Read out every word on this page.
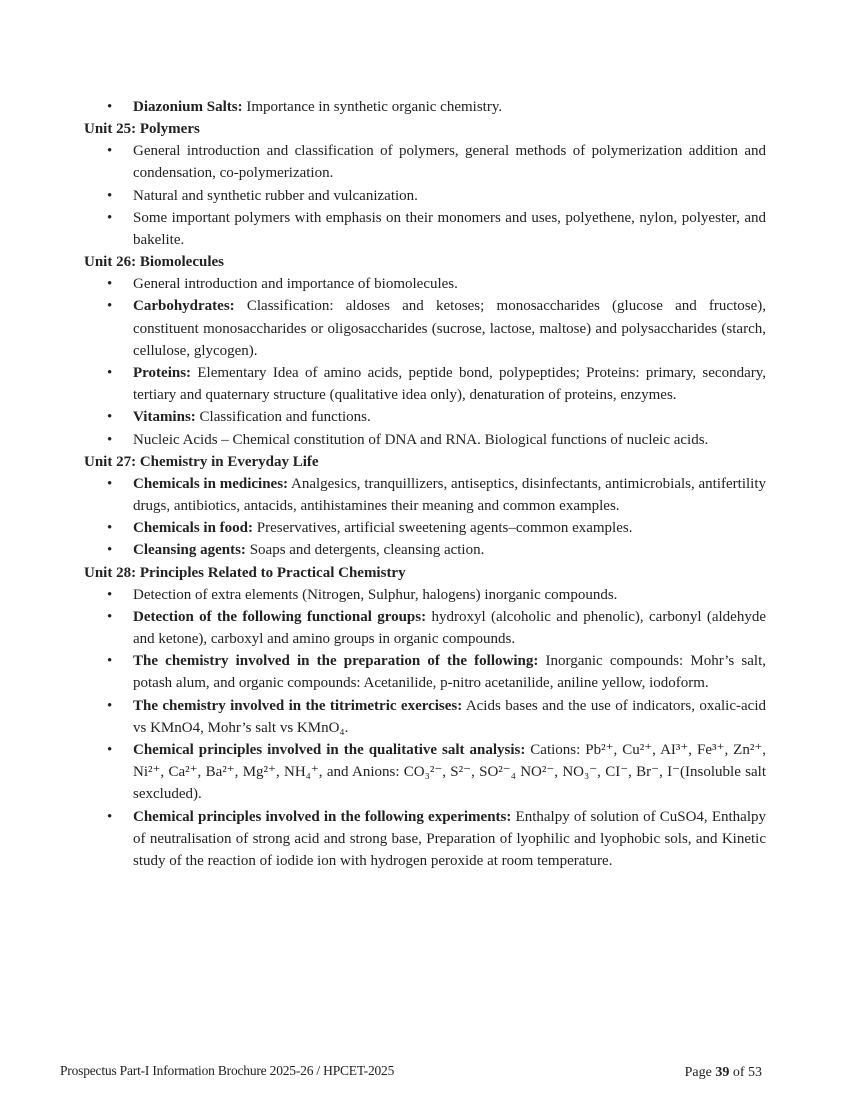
• Diazonium Salts: Importance in synthetic organic chemistry.
Unit 25: Polymers
• General introduction and classification of polymers, general methods of polymerization addition and condensation, co-polymerization.
• Natural and synthetic rubber and vulcanization.
• Some important polymers with emphasis on their monomers and uses, polyethene, nylon, polyester, and bakelite.
Unit 26: Biomolecules
• General introduction and importance of biomolecules.
• Carbohydrates: Classification: aldoses and ketoses; monosaccharides (glucose and fructose), constituent monosaccharides or oligosaccharides (sucrose, lactose, maltose) and polysaccharides (starch, cellulose, glycogen).
• Proteins: Elementary Idea of amino acids, peptide bond, polypeptides; Proteins: primary, secondary, tertiary and quaternary structure (qualitative idea only), denaturation of proteins, enzymes.
• Vitamins: Classification and functions.
• Nucleic Acids – Chemical constitution of DNA and RNA. Biological functions of nucleic acids.
Unit 27: Chemistry in Everyday Life
• Chemicals in medicines: Analgesics, tranquillizers, antiseptics, disinfectants, antimicrobials, antifertility drugs, antibiotics, antacids, antihistamines their meaning and common examples.
• Chemicals in food: Preservatives, artificial sweetening agents–common examples.
• Cleansing agents: Soaps and detergents, cleansing action.
Unit 28: Principles Related to Practical Chemistry
• Detection of extra elements (Nitrogen, Sulphur, halogens) inorganic compounds.
• Detection of the following functional groups: hydroxyl (alcoholic and phenolic), carbonyl (aldehyde and ketone), carboxyl and amino groups in organic compounds.
• The chemistry involved in the preparation of the following: Inorganic compounds: Mohr’s salt, potash alum, and organic compounds: Acetanilide, p-nitro acetanilide, aniline yellow, iodoform.
• The chemistry involved in the titrimetric exercises: Acids bases and the use of indicators, oxalic-acid vs KMnO4, Mohr’s salt vs KMnO₄.
• Chemical principles involved in the qualitative salt analysis: Cations: Pb²⁺, Cu²⁺, AI³⁺, Fe³⁺, Zn²⁺, Ni²⁺, Ca²⁺, Ba²⁺, Mg²⁺, NH₄⁺, and Anions: CO₃²⁻, S²⁻, SO²⁻₄ NO²⁻, NO₃⁻, CI⁻, Br⁻, I⁻(Insoluble salt sexcluded).
• Chemical principles involved in the following experiments: Enthalpy of solution of CuSO4, Enthalpy of neutralisation of strong acid and strong base, Preparation of lyophilic and lyophobic sols, and Kinetic study of the reaction of iodide ion with hydrogen peroxide at room temperature.
Prospectus Part-I Information Brochure 2025-26 / HPCET-2025	Page 39 of 53
